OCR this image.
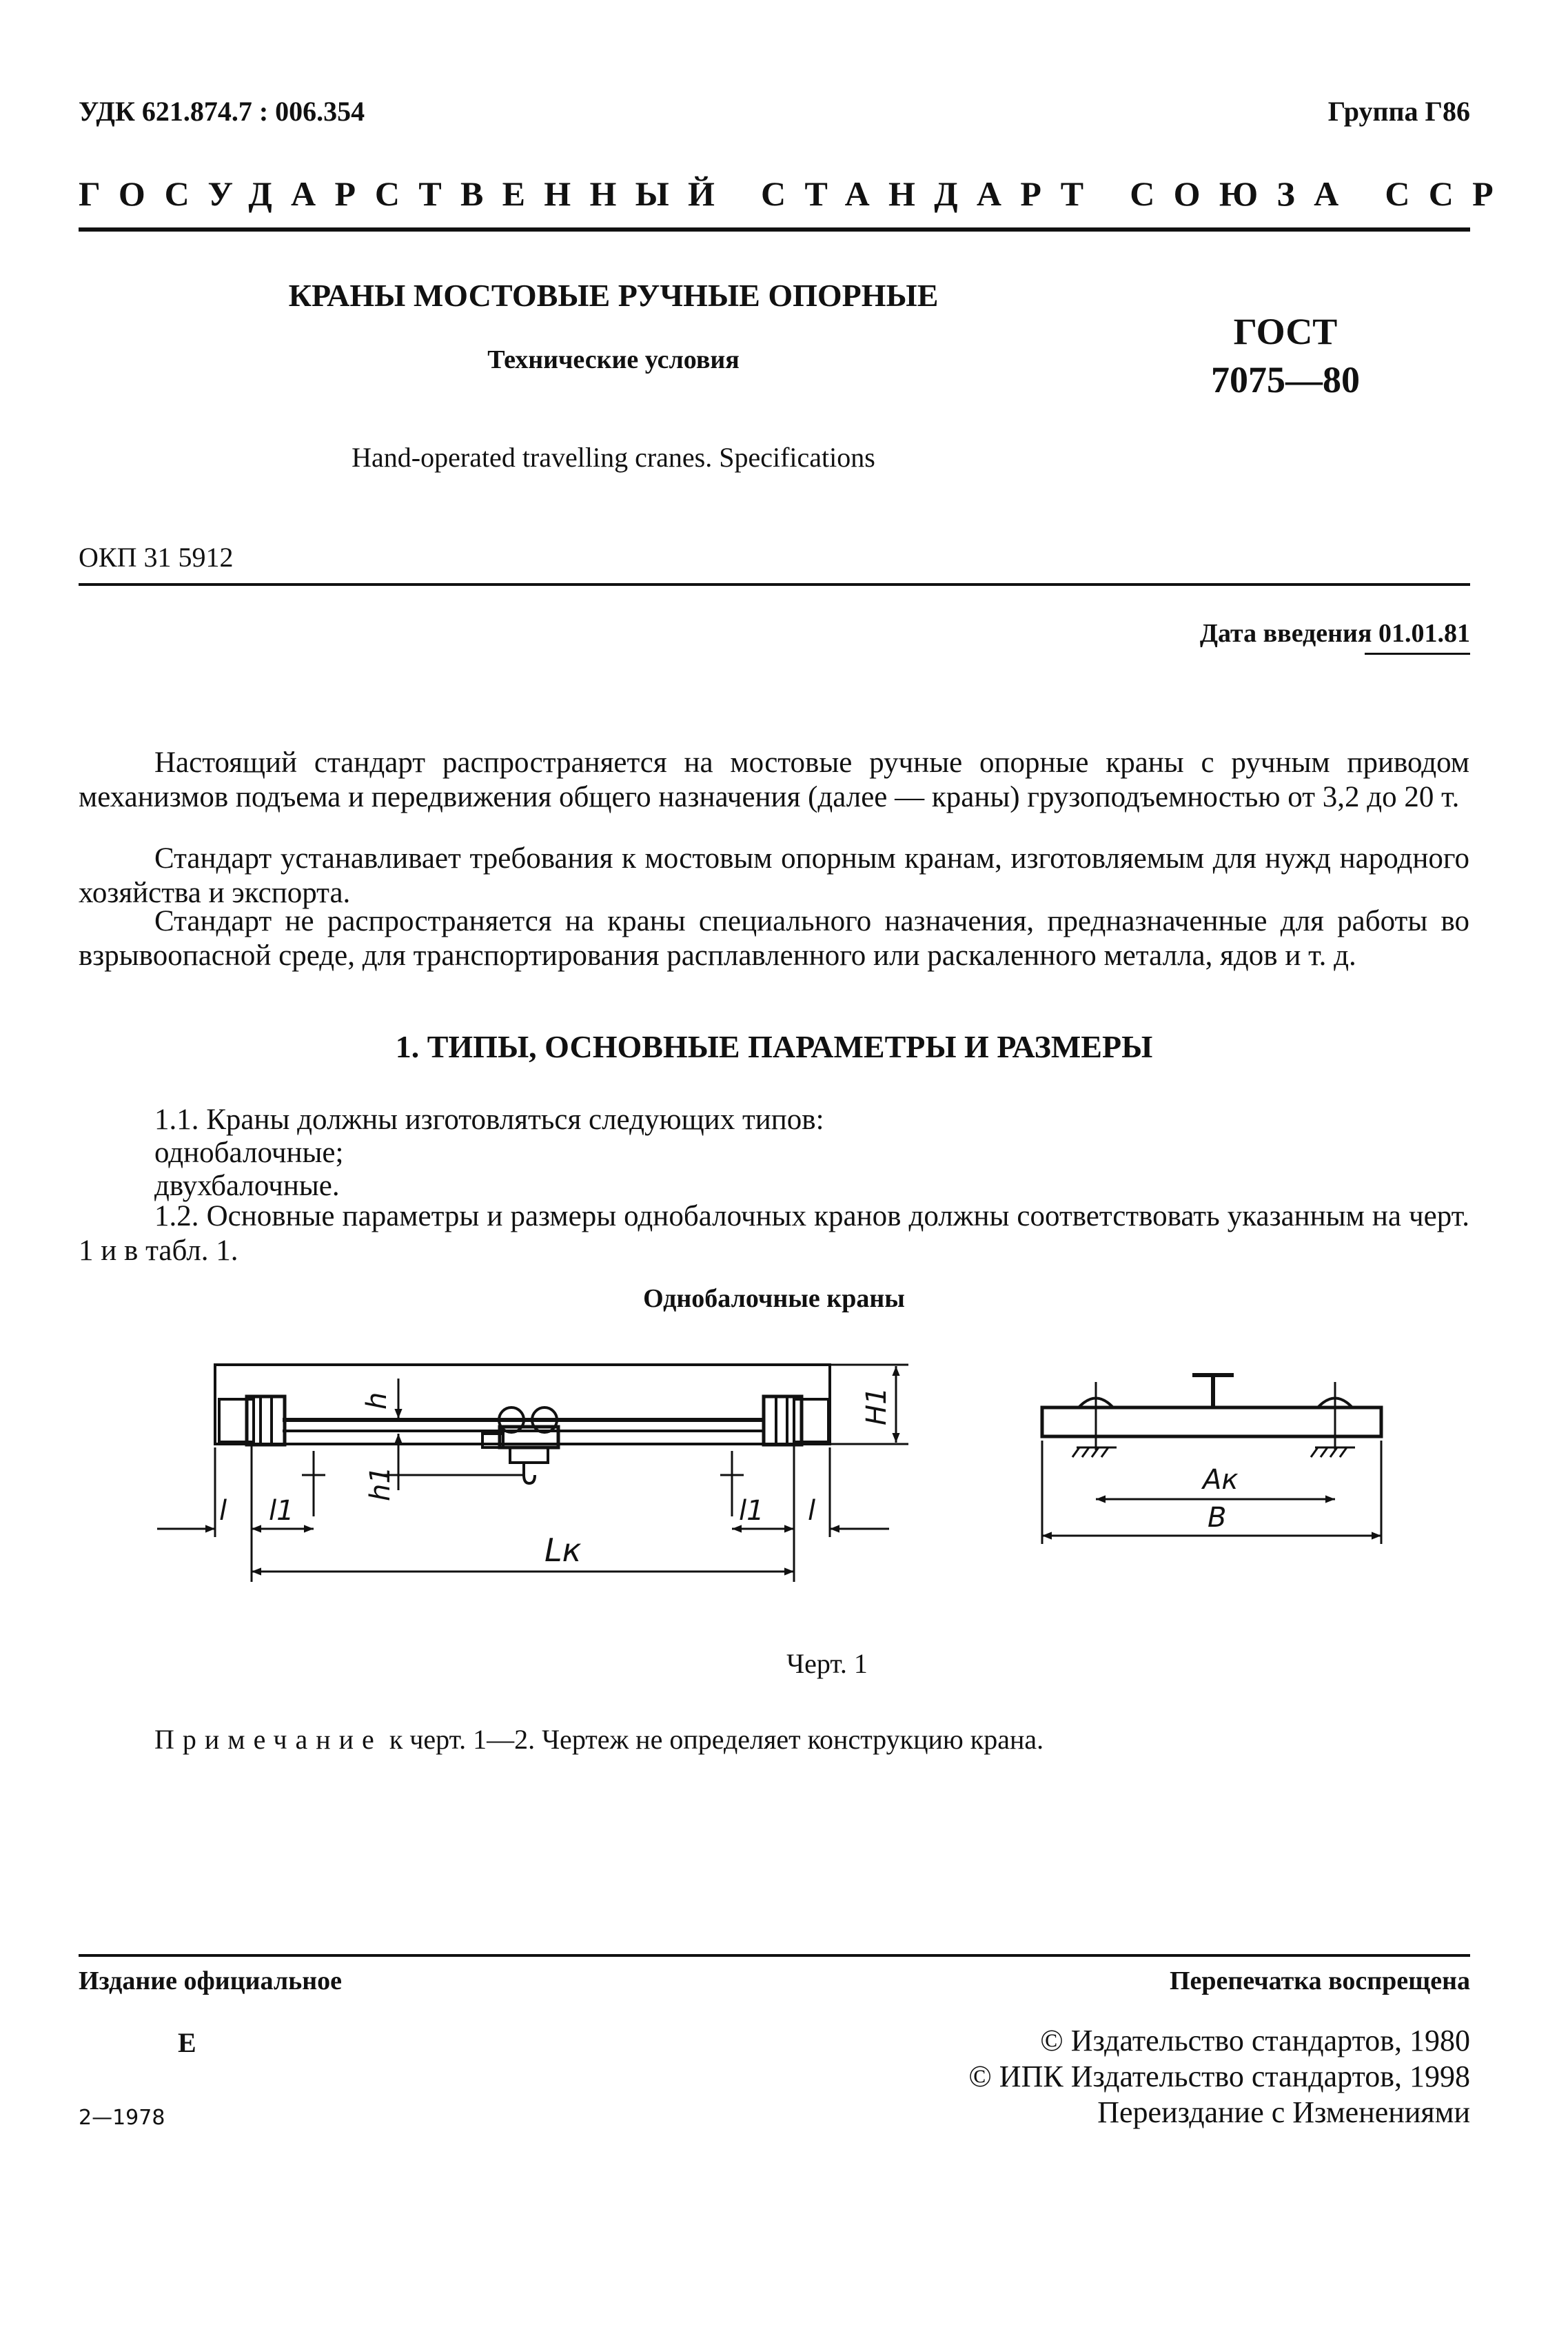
УДК 621.874.7 : 006.354	Группа Г86
ГОСУДАРСТВЕННЫЙ СТАНДАРТ СОЮЗА ССР
КРАНЫ МОСТОВЫЕ РУЧНЫЕ ОПОРНЫЕ
Технические условия
Hand-operated travelling cranes. Specifications
ГОСТ
7075—80
ОКП 31 5912
Дата введения 01.01.81
Настоящий стандарт распространяется на мостовые ручные опорные краны с ручным приводом механизмов подъема и передвижения общего назначения (далее — краны) грузоподъемностью от 3,2 до 20 т.
Стандарт устанавливает требования к мостовым опорным кранам, изготовляемым для нужд народного хозяйства и экспорта.
Стандарт не распространяется на краны специального назначения, предназначенные для работы во взрывоопасной среде, для транспортирования расплавленного или раскаленного металла, ядов и т. д.
1. ТИПЫ, ОСНОВНЫЕ ПАРАМЕТРЫ И РАЗМЕРЫ
1.1. Краны должны изготовляться следующих типов:
однобалочные;
двухбалочные.
1.2. Основные параметры и размеры однобалочных кранов должны соответствовать указанным на черт. 1 и в табл. 1.
Однобалочные краны
h
h1
H1
l l1	l1 l
Lк
Aк
B
Черт. 1
Примечание к черт. 1—2. Чертеж не определяет конструкцию крана.
Издание официальное	Перепечатка воспрещена
Е
2—1978
© Издательство стандартов, 1980
© ИПК Издательство стандартов, 1998
Переиздание с Изменениями
